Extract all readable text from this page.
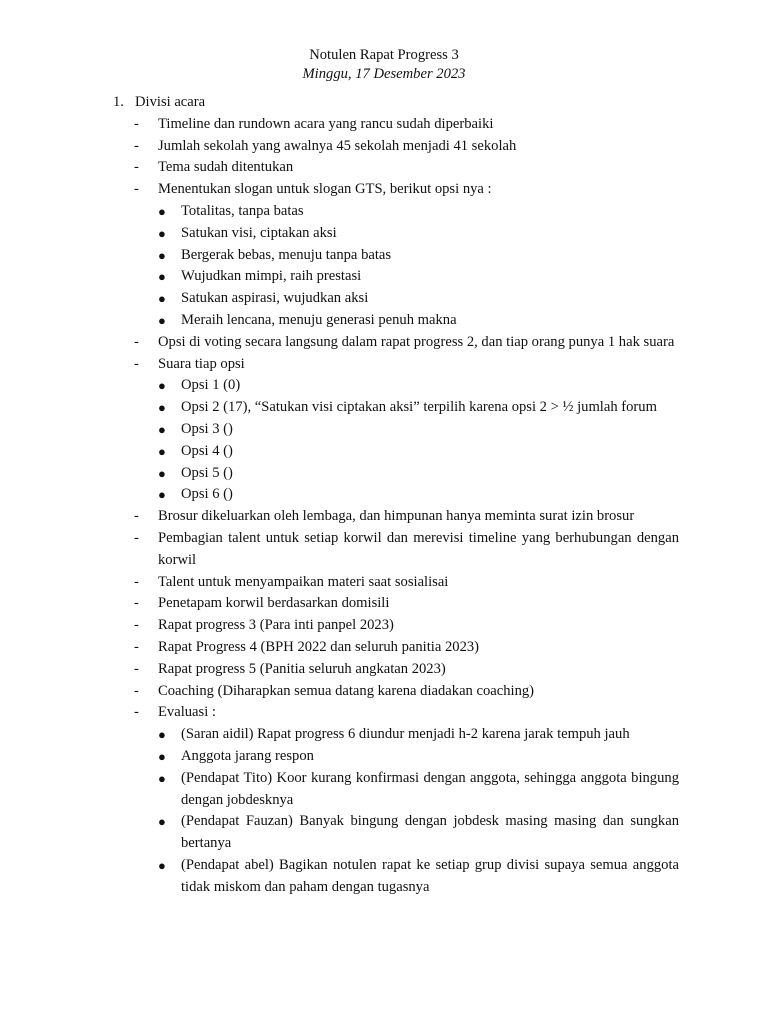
Notulen Rapat Progress 3
Minggu, 17 Desember 2023
1. Divisi acara
- Timeline dan rundown acara yang rancu sudah diperbaiki
- Jumlah sekolah yang awalnya 45 sekolah menjadi 41 sekolah
- Tema sudah ditentukan
- Menentukan slogan untuk slogan GTS, berikut opsi nya :
● Totalitas, tanpa batas
● Satukan visi, ciptakan aksi
● Bergerak bebas, menuju tanpa batas
● Wujudkan mimpi, raih prestasi
● Satukan aspirasi, wujudkan aksi
● Meraih lencana, menuju generasi penuh makna
- Opsi di voting secara langsung dalam rapat progress 2, dan tiap orang punya 1 hak suara
- Suara tiap opsi
● Opsi 1 (0)
● Opsi 2 (17), “Satukan visi ciptakan aksi” terpilih karena opsi 2 > ½ jumlah forum
● Opsi 3 ()
● Opsi 4 ()
● Opsi 5 ()
● Opsi 6 ()
- Brosur dikeluarkan oleh lembaga, dan himpunan hanya meminta surat izin brosur
- Pembagian talent untuk setiap korwil dan merevisi timeline yang berhubungan dengan korwil
- Talent untuk menyampaikan materi saat sosialisai
- Penetapam korwil berdasarkan domisili
- Rapat progress 3 (Para inti panpel 2023)
- Rapat Progress 4 (BPH 2022 dan seluruh panitia 2023)
- Rapat progress 5 (Panitia seluruh angkatan 2023)
- Coaching (Diharapkan semua datang karena diadakan coaching)
- Evaluasi :
● (Saran aidil) Rapat progress 6 diundur menjadi h-2 karena jarak tempuh jauh
● Anggota jarang respon
● (Pendapat Tito) Koor kurang konfirmasi dengan anggota, sehingga anggota bingung dengan jobdesknya
● (Pendapat Fauzan) Banyak bingung dengan jobdesk masing masing dan sungkan bertanya
● (Pendapat abel) Bagikan notulen rapat ke setiap grup divisi supaya semua anggota tidak miskom dan paham dengan tugasnya
